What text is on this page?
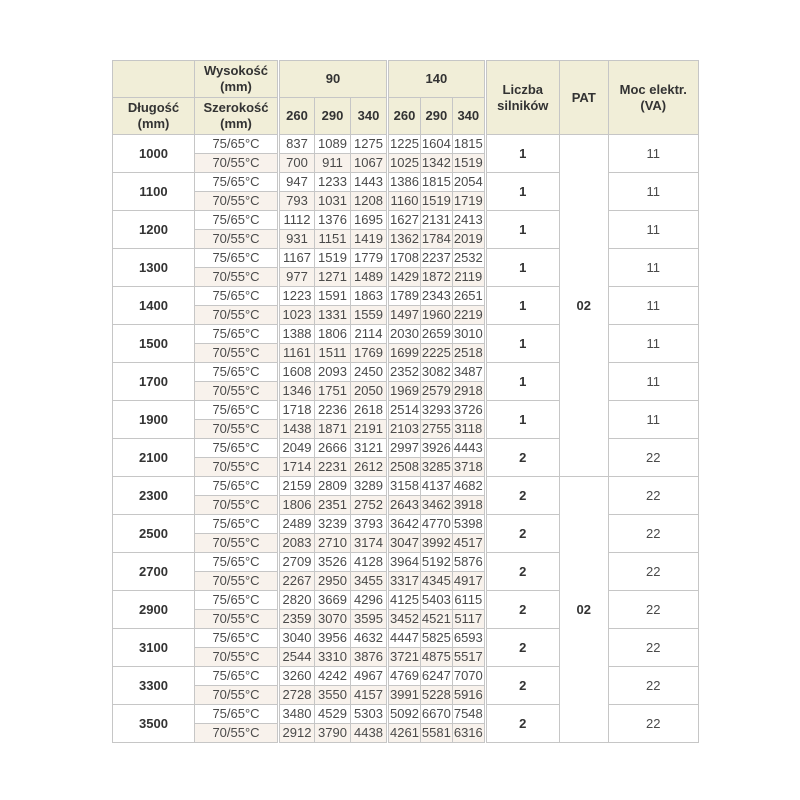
	Wysokość (mm)	90			140			Liczba silników	PAT	Moc elektr. (VA)
Długość (mm)	Szerokość (mm)	260	290	340	260	290	340			
1000	75/65°C	837	1089	1275	1225	1604	1815	1	02	11
	70/55°C	700	911	1067	1025	1342	1519			
1100	75/65°C	947	1233	1443	1386	1815	2054	1		11
	70/55°C	793	1031	1208	1160	1519	1719			
1200	75/65°C	1112	1376	1695	1627	2131	2413	1		11
	70/55°C	931	1151	1419	1362	1784	2019			
1300	75/65°C	1167	1519	1779	1708	2237	2532	1		11
	70/55°C	977	1271	1489	1429	1872	2119			
1400	75/65°C	1223	1591	1863	1789	2343	2651	1		11
	70/55°C	1023	1331	1559	1497	1960	2219			
1500	75/65°C	1388	1806	2114	2030	2659	3010	1		11
	70/55°C	1161	1511	1769	1699	2225	2518			
1700	75/65°C	1608	2093	2450	2352	3082	3487	1		11
	70/55°C	1346	1751	2050	1969	2579	2918			
1900	75/65°C	1718	2236	2618	2514	3293	3726	1		11
	70/55°C	1438	1871	2191	2103	2755	3118			
2100	75/65°C	2049	2666	3121	2997	3926	4443	2		22
	70/55°C	1714	2231	2612	2508	3285	3718			
2300	75/65°C	2159	2809	3289	3158	4137	4682	2	02	22
	70/55°C	1806	2351	2752	2643	3462	3918			
2500	75/65°C	2489	3239	3793	3642	4770	5398	2		22
	70/55°C	2083	2710	3174	3047	3992	4517			
2700	75/65°C	2709	3526	4128	3964	5192	5876	2		22
	70/55°C	2267	2950	3455	3317	4345	4917			
2900	75/65°C	2820	3669	4296	4125	5403	6115	2		22
	70/55°C	2359	3070	3595	3452	4521	5117			
3100	75/65°C	3040	3956	4632	4447	5825	6593	2		22
	70/55°C	2544	3310	3876	3721	4875	5517			
3300	75/65°C	3260	4242	4967	4769	6247	7070	2		22
	70/55°C	2728	3550	4157	3991	5228	5916			
3500	75/65°C	3480	4529	5303	5092	6670	7548	2		22
	70/55°C	2912	3790	4438	4261	5581	6316			
